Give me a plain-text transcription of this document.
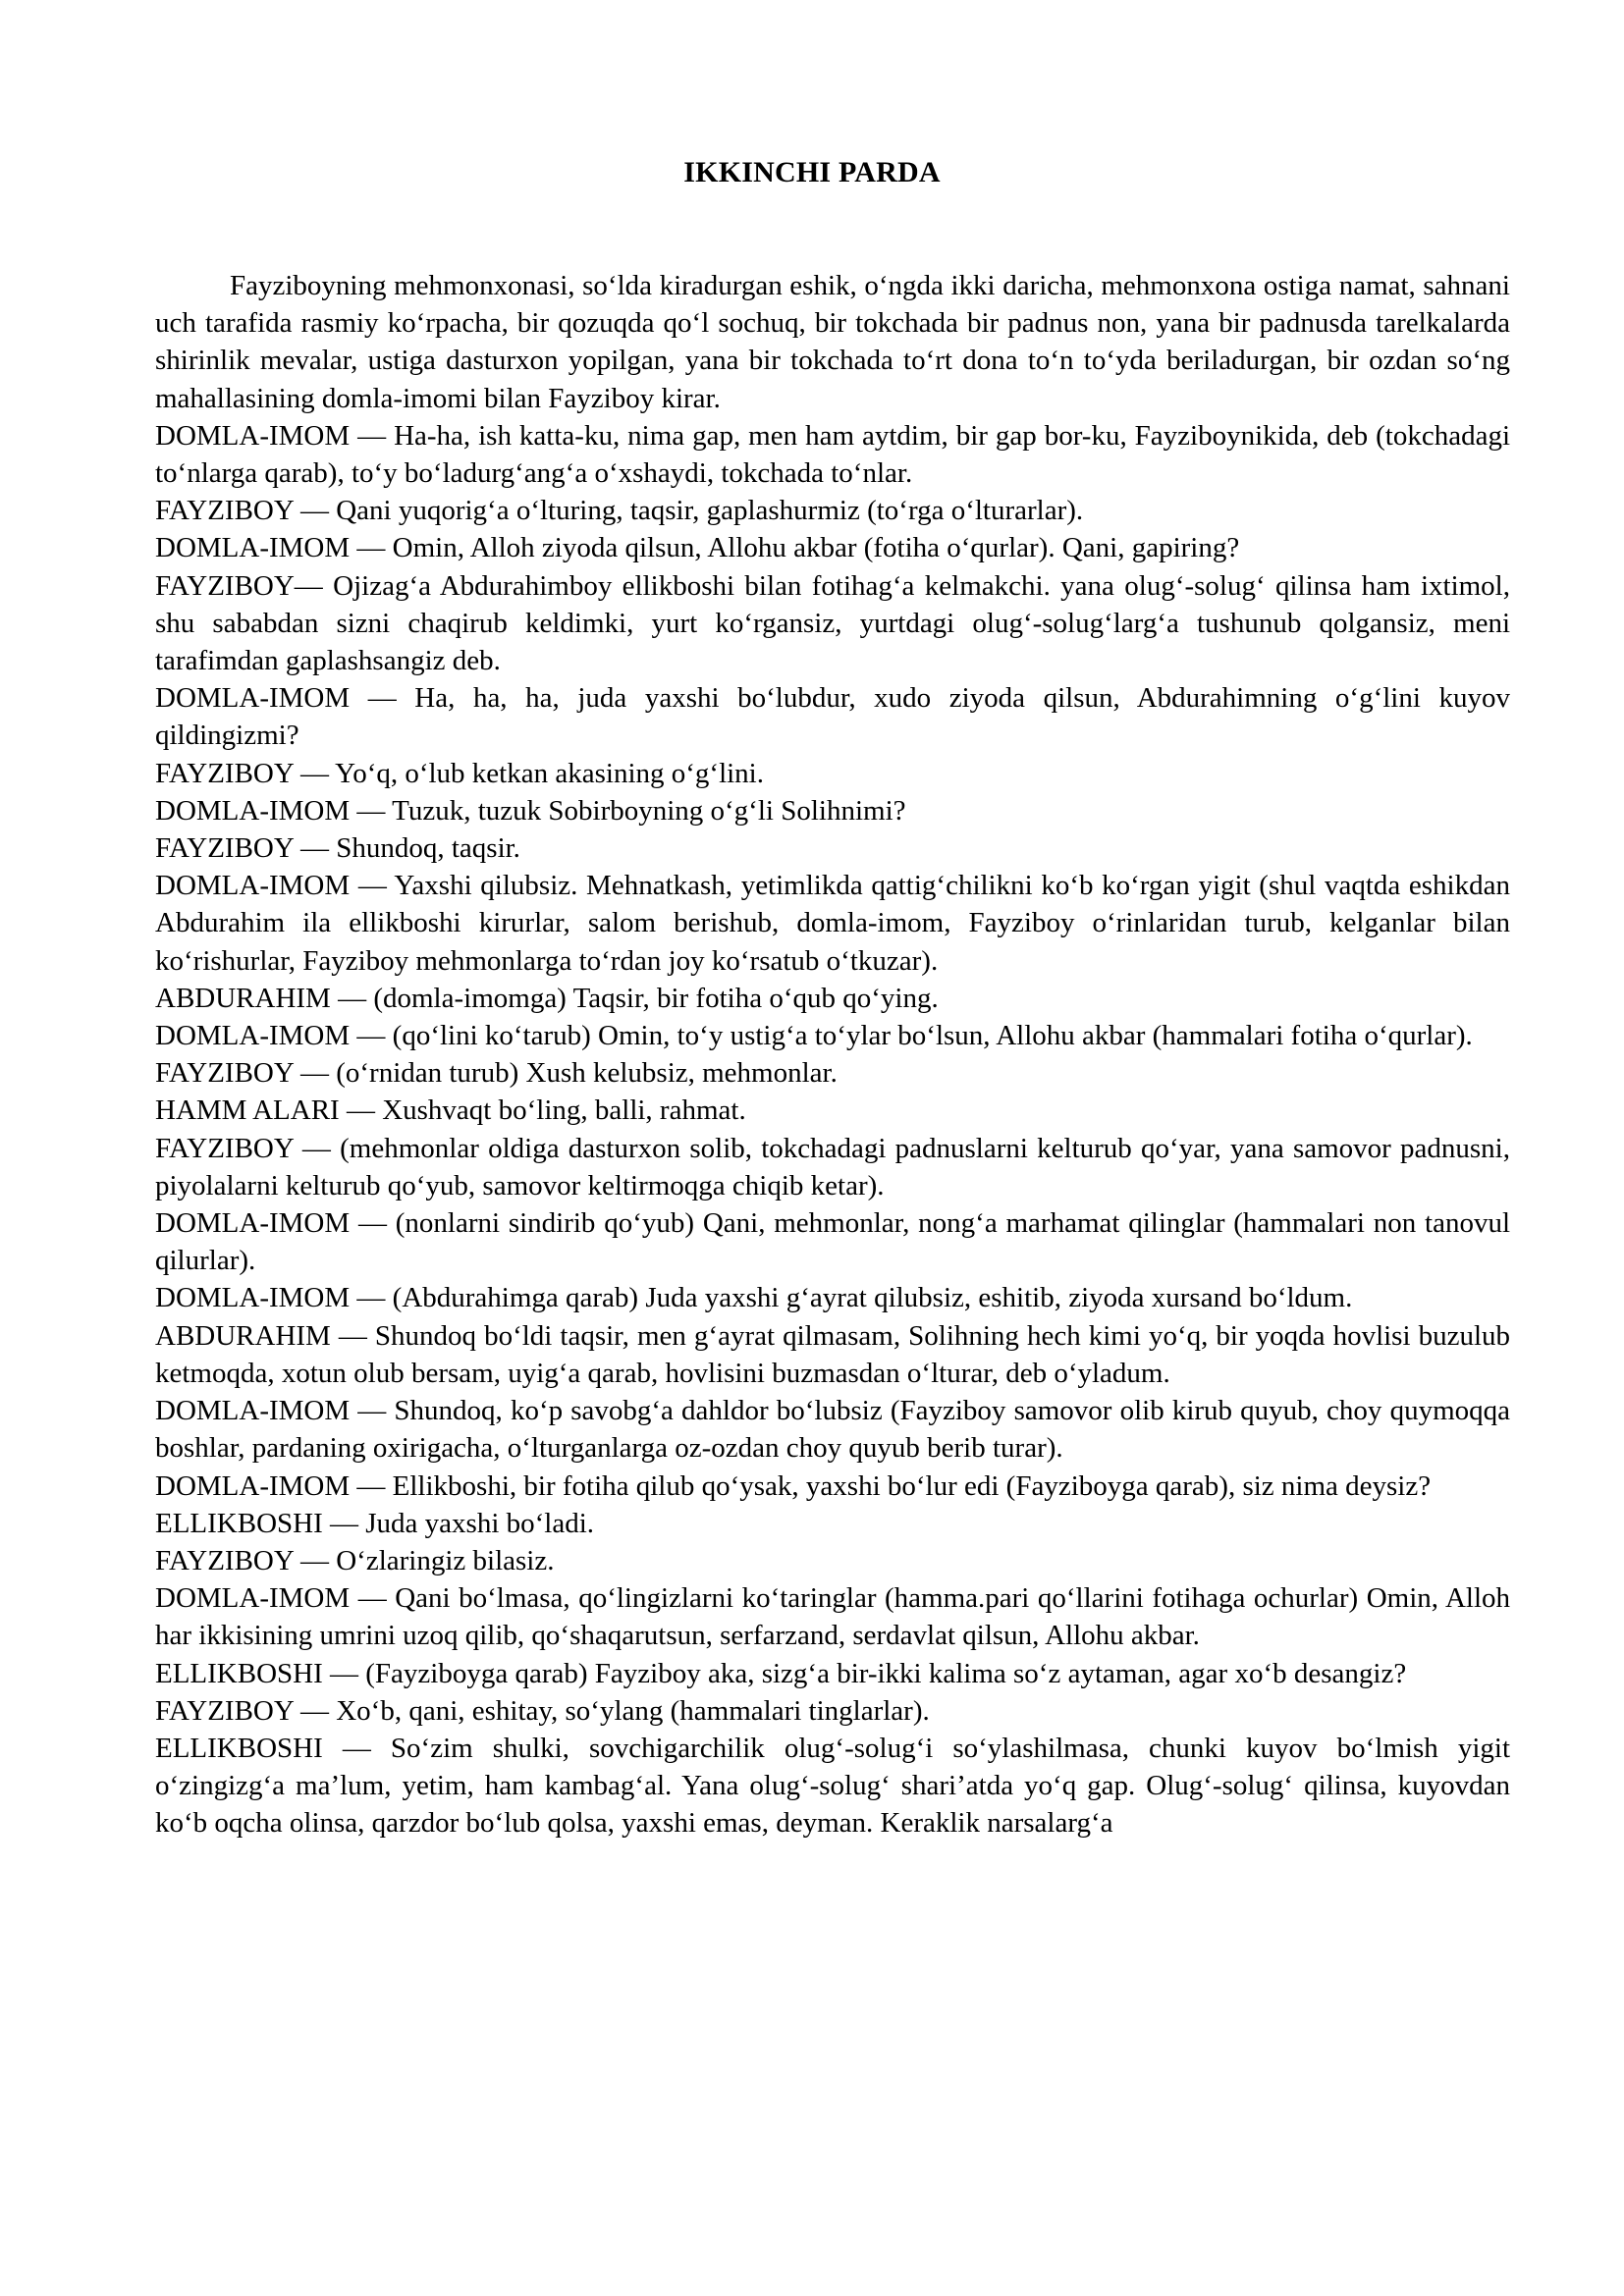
IKKINCHI PARDA

Fayziboyning mehmonxonasi, so‘lda kiradurgan eshik, o‘ngda ikki daricha, mehmonxona ostiga namat, sahnani uch tarafida rasmiy ko‘rpacha, bir qozuqda qo‘l sochuq, bir tokchada bir padnus non, yana bir padnusda tarelkalarda shirinlik mevalar, ustiga dasturxon yopilgan, yana bir tokchada to‘rt dona to‘n to‘yda beriladurgan, bir ozdan so‘ng mahallasining domla-imomi bilan Fayziboy kirar.

DOMLA-IMOM — Ha-ha, ish katta-ku, nima gap, men ham aytdim, bir gap bor-ku, Fayziboynikida, deb (tokchadagi to‘nlarga qarab), to‘y bo‘ladurg‘ang‘a o‘xshaydi, tokchada to‘nlar.

FAYZIBOY — Qani yuqorig‘a o‘lturing, taqsir, gaplashurmiz (to‘rga o‘lturarlar).

DOMLA-IMOM — Omin, Alloh ziyoda qilsun, Allohu akbar (fotiha o‘qurlar). Qani, gapiring?

FAYZIBOY— Ojizag‘a Abdurahimboy ellikboshi bilan fotihag‘a kelmakchi. yana olug‘-solug‘ qilinsa ham ixtimol, shu sababdan sizni chaqirub keldimki, yurt ko‘rgansiz, yurtdagi olug‘-solug‘larg‘a tushunub qolgansiz, meni tarafimdan gaplashsangiz deb.

DOMLA-IMOM — Ha, ha, ha, juda yaxshi bo‘lubdur, xudo ziyoda qilsun, Abdurahimning o‘g‘lini kuyov qildingizmi?

FAYZIBOY — Yo‘q, o‘lub ketkan akasining o‘g‘lini.

DOMLA-IMOM — Tuzuk, tuzuk Sobirboyning o‘g‘li Solihnimi?

FAYZIBOY — Shundoq, taqsir.

DOMLA-IMOM — Yaxshi qilubsiz. Mehnatkash, yetimlikda qattig‘chilikni ko‘b ko‘rgan yigit (shul vaqtda eshikdan Abdurahim ila ellikboshi kirurlar, salom berishub, domla-imom, Fayziboy o‘rinlaridan turub, kelganlar bilan ko‘rishurlar, Fayziboy mehmonlarga to‘rdan joy ko‘rsatub o‘tkuzar).

ABDURAHIM — (domla-imomga) Taqsir, bir fotiha o‘qub qo‘ying.

DOMLA-IMOM — (qo‘lini ko‘tarub) Omin, to‘y ustig‘a to‘ylar bo‘lsun, Allohu akbar (hammalari fotiha o‘qurlar).

FAYZIBOY — (o‘rnidan turub) Xush kelubsiz, mehmonlar.

HAMM ALARI — Xushvaqt bo‘ling, balli, rahmat.

FAYZIBOY — (mehmonlar oldiga dasturxon solib, tokchadagi padnuslarni kelturub qo‘yar, yana samovor padnusni, piyolalarni kelturub qo‘yub, samovor keltirmoqga chiqib ketar).

DOMLA-IMOM — (nonlarni sindirib qo‘yub) Qani, mehmonlar, nong‘a marhamat qilinglar (hammalari non tanovul qilurlar).

DOMLA-IMOM — (Abdurahimga qarab) Juda yaxshi g‘ayrat qilubsiz, eshitib, ziyoda xursand bo‘ldum.

ABDURAHIM — Shundoq bo‘ldi taqsir, men g‘ayrat qilmasam, Solihning hech kimi yo‘q, bir yoqda hovlisi buzulub ketmoqda, xotun olub bersam, uyig‘a qarab, hovlisini buzmasdan o‘lturar, deb o‘yladum.

DOMLA-IMOM — Shundoq, ko‘p savobg‘a dahldor bo‘lubsiz (Fayziboy samovor olib kirub quyub, choy quymoqqa boshlar, pardaning oxirigacha, o‘lturganlarga oz-ozdan choy quyub berib turar).

DOMLA-IMOM — Ellikboshi, bir fotiha qilub qo‘ysak, yaxshi bo‘lur edi (Fayziboyga qarab), siz nima deysiz?

ELLIKBOSHI — Juda yaxshi bo‘ladi.

FAYZIBOY — O‘zlaringiz bilasiz.

DOMLA-IMOM — Qani bo‘lmasa, qo‘lingizlarni ko‘taringlar (hamma.pari qo‘llarini fotihaga ochurlar) Omin, Alloh har ikkisining umrini uzoq qilib, qo‘shaqarutsun, serfarzand, serdavlat qilsun, Allohu akbar.

ELLIKBOSHI — (Fayziboyga qarab) Fayziboy aka, sizg‘a bir-ikki kalima so‘z aytaman, agar xo‘b desangiz?

FAYZIBOY — Xo‘b, qani, eshitay, so‘ylang (hammalari tinglarlar).

ELLIKBOSHI — So‘zim shulki, sovchigarchilik olug‘-solug‘i so‘ylashilmasa, chunki kuyov bo‘lmish yigit o‘zingizg‘a ma’lum, yetim, ham kambag‘al. Yana olug‘-solug‘ shari’atda yo‘q gap. Olug‘-solug‘ qilinsa, kuyovdan ko‘b oqcha olinsa, qarzdor bo‘lub qolsa, yaxshi emas, deyman. Keraklik narsalarg‘a
